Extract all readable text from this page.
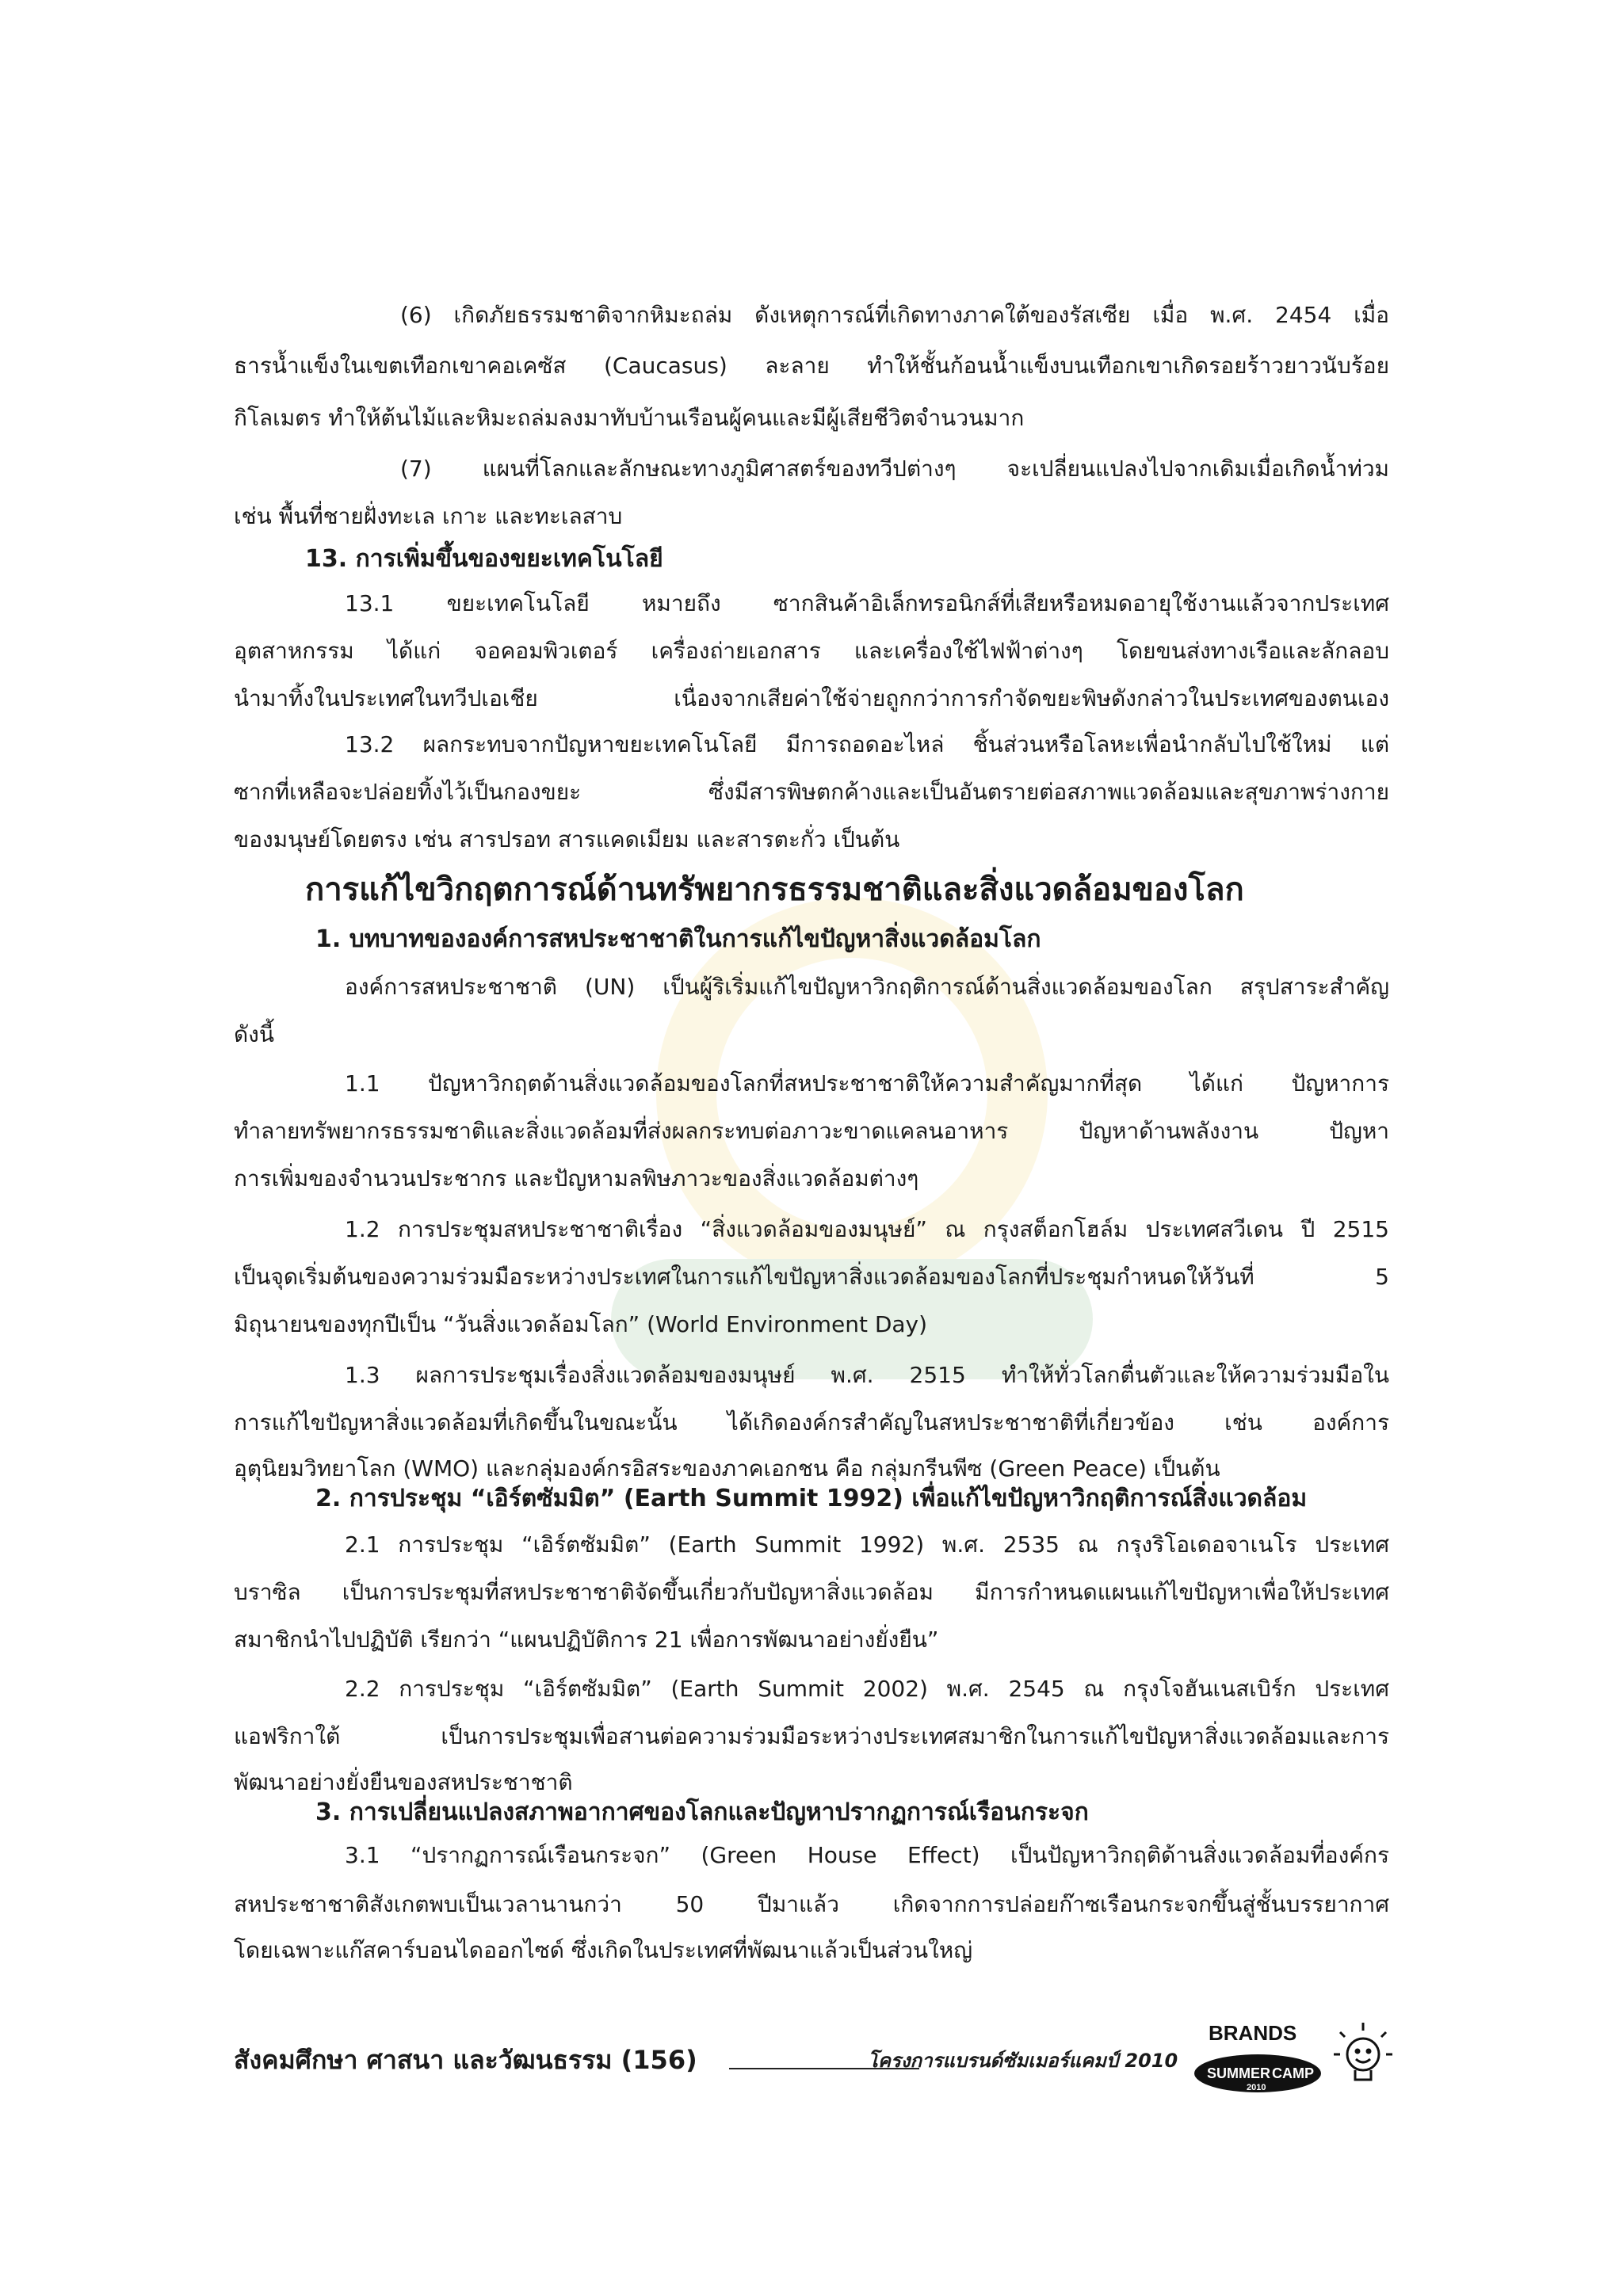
(6) เกิดภัยธรรมชาติจากหิมะถล่ม ดังเหตุการณ์ที่เกิดทางภาคใต้ของรัสเซีย เมื่อ พ.ศ. 2454 เมื่อ
ธารน้ำแข็งในเขตเทือกเขาคอเคซัส (Caucasus) ละลาย ทำให้ชั้นก้อนน้ำแข็งบนเทือกเขาเกิดรอยร้าวยาวนับร้อย
กิโลเมตร ทำให้ต้นไม้และหิมะถล่มลงมาทับบ้านเรือนผู้คนและมีผู้เสียชีวิตจำนวนมาก
(7) แผนที่โลกและลักษณะทางภูมิศาสตร์ของทวีปต่างๆ จะเปลี่ยนแปลงไปจากเดิมเมื่อเกิดน้ำท่วม
เช่น พื้นที่ชายฝั่งทะเล เกาะ และทะเลสาบ
13. การเพิ่มขึ้นของขยะเทคโนโลยี
13.1 ขยะเทคโนโลยี หมายถึง ซากสินค้าอิเล็กทรอนิกส์ที่เสียหรือหมดอายุใช้งานแล้วจากประเทศ
อุตสาหกรรม ได้แก่ จอคอมพิวเตอร์ เครื่องถ่ายเอกสาร และเครื่องใช้ไฟฟ้าต่างๆ โดยขนส่งทางเรือและลักลอบ
นำมาทิ้งในประเทศในทวีปเอเชีย เนื่องจากเสียค่าใช้จ่ายถูกกว่าการกำจัดขยะพิษดังกล่าวในประเทศของตนเอง
13.2 ผลกระทบจากปัญหาขยะเทคโนโลยี มีการถอดอะไหล่ ชิ้นส่วนหรือโลหะเพื่อนำกลับไปใช้ใหม่ แต่
ซากที่เหลือจะปล่อยทิ้งไว้เป็นกองขยะ ซึ่งมีสารพิษตกค้างและเป็นอันตรายต่อสภาพแวดล้อมและสุขภาพร่างกาย
ของมนุษย์โดยตรง เช่น สารปรอท สารแคดเมียม และสารตะกั่ว เป็นต้น
การแก้ไขวิกฤตการณ์ด้านทรัพยากรธรรมชาติและสิ่งแวดล้อมของโลก
1. บทบาทขององค์การสหประชาชาติในการแก้ไขปัญหาสิ่งแวดล้อมโลก
องค์การสหประชาชาติ (UN) เป็นผู้ริเริ่มแก้ไขปัญหาวิกฤติการณ์ด้านสิ่งแวดล้อมของโลก สรุปสาระสำคัญ
ดังนี้
1.1 ปัญหาวิกฤตด้านสิ่งแวดล้อมของโลกที่สหประชาชาติให้ความสำคัญมากที่สุด ได้แก่ ปัญหาการ
ทำลายทรัพยากรธรรมชาติและสิ่งแวดล้อมที่ส่งผลกระทบต่อภาวะขาดแคลนอาหาร ปัญหาด้านพลังงาน ปัญหา
การเพิ่มของจำนวนประชากร และปัญหามลพิษภาวะของสิ่งแวดล้อมต่างๆ
1.2 การประชุมสหประชาชาติเรื่อง “สิ่งแวดล้อมของมนุษย์” ณ กรุงสต็อกโฮล์ม ประเทศสวีเดน ปี 2515
เป็นจุดเริ่มต้นของความร่วมมือระหว่างประเทศในการแก้ไขปัญหาสิ่งแวดล้อมของโลกที่ประชุมกำหนดให้วันที่ 5
มิถุนายนของทุกปีเป็น “วันสิ่งแวดล้อมโลก” (World Environment Day)
1.3 ผลการประชุมเรื่องสิ่งแวดล้อมของมนุษย์ พ.ศ. 2515 ทำให้ทั่วโลกตื่นตัวและให้ความร่วมมือใน
การแก้ไขปัญหาสิ่งแวดล้อมที่เกิดขึ้นในขณะนั้น ได้เกิดองค์กรสำคัญในสหประชาชาติที่เกี่ยวข้อง เช่น องค์การ
อุตุนิยมวิทยาโลก (WMO) และกลุ่มองค์กรอิสระของภาคเอกชน คือ กลุ่มกรีนพีซ (Green Peace) เป็นต้น
2. การประชุม “เอิร์ตซัมมิต” (Earth Summit 1992) เพื่อแก้ไขปัญหาวิกฤติการณ์สิ่งแวดล้อม
2.1 การประชุม “เอิร์ตซัมมิต” (Earth Summit 1992) พ.ศ. 2535 ณ กรุงริโอเดอจาเนโร ประเทศ
บราซิล เป็นการประชุมที่สหประชาชาติจัดขึ้นเกี่ยวกับปัญหาสิ่งแวดล้อม มีการกำหนดแผนแก้ไขปัญหาเพื่อให้ประเทศ
สมาชิกนำไปปฏิบัติ เรียกว่า “แผนปฏิบัติการ 21 เพื่อการพัฒนาอย่างยั่งยืน”
2.2 การประชุม “เอิร์ตซัมมิต” (Earth Summit 2002) พ.ศ. 2545 ณ กรุงโจฮันเนสเบิร์ก ประเทศ
แอฟริกาใต้ เป็นการประชุมเพื่อสานต่อความร่วมมือระหว่างประเทศสมาชิกในการแก้ไขปัญหาสิ่งแวดล้อมและการ
พัฒนาอย่างยั่งยืนของสหประชาชาติ
3. การเปลี่ยนแปลงสภาพอากาศของโลกและปัญหาปรากฏการณ์เรือนกระจก
3.1 “ปรากฏการณ์เรือนกระจก” (Green House Effect) เป็นปัญหาวิกฤติด้านสิ่งแวดล้อมที่องค์กร
สหประชาชาติสังเกตพบเป็นเวลานานกว่า 50 ปีมาแล้ว เกิดจากการปล่อยก๊าซเรือนกระจกขึ้นสู่ชั้นบรรยากาศ
โดยเฉพาะแก๊สคาร์บอนไดออกไซด์ ซึ่งเกิดในประเทศที่พัฒนาแล้วเป็นส่วนใหญ่
สังคมศึกษา ศาสนา และวัฒนธรรม (156)	โครงการแบรนด์ซัมเมอร์แคมป์ 2010
BRANDS
SUMMER CAMP
2010
